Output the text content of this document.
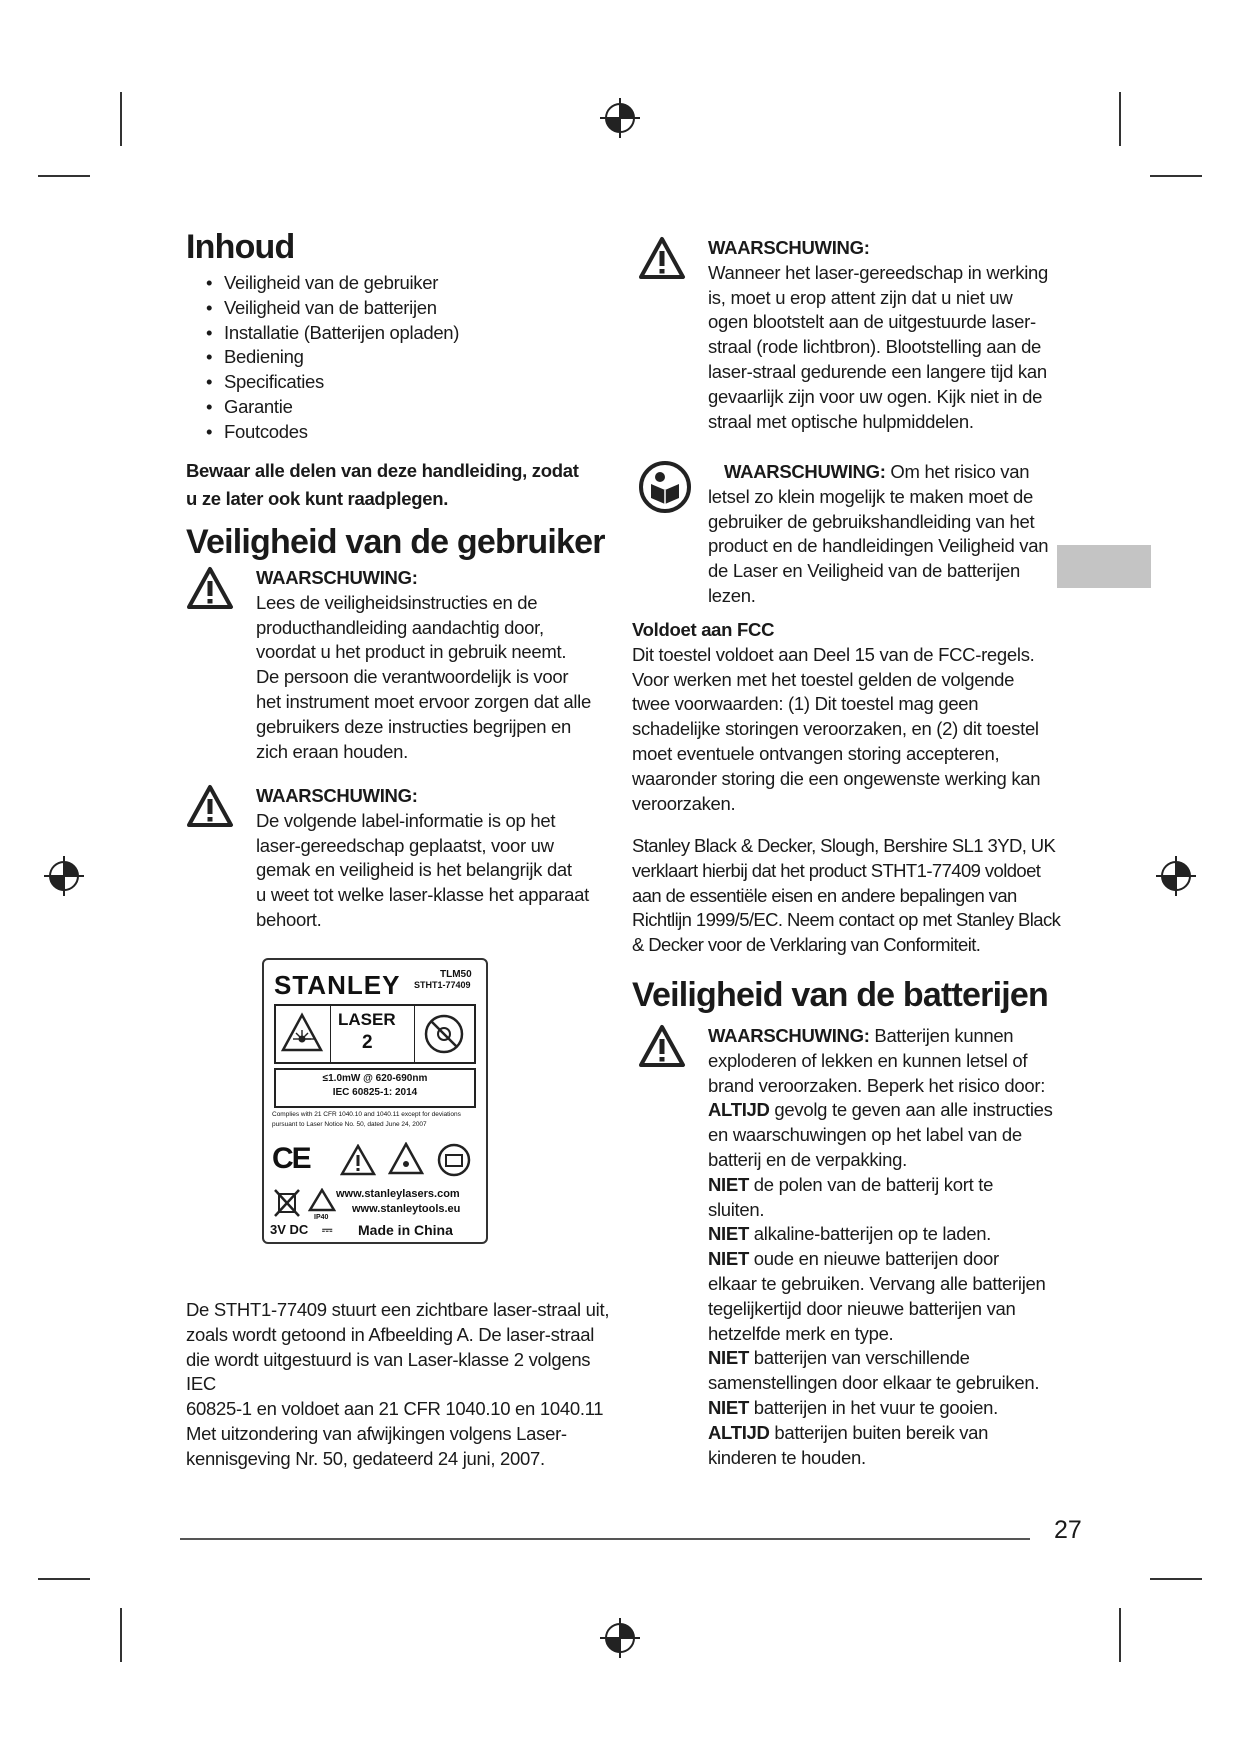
Inhoud
• Veiligheid van de gebruiker
• Veiligheid van de batterijen
• Installatie (Batterijen opladen)
• Bediening
• Specificaties
• Garantie
• Foutcodes
Bewaar alle delen van deze handleiding, zodat
u ze later ook kunt raadplegen.
Veiligheid van de gebruiker
WAARSCHUWING:
Lees de veiligheidsinstructies en de
producthandleiding aandachtig door,
voordat u het product in gebruik neemt.
De persoon die verantwoordelijk is voor
het instrument moet ervoor zorgen dat alle
gebruikers deze instructies begrijpen en
zich eraan houden.
WAARSCHUWING:
De volgende label-informatie is op het
laser-gereedschap geplaatst, voor uw
gemak en veiligheid is het belangrijk dat
u weet tot welke laser-klasse het apparaat
behoort.
STANLEY	TLM50
STHT1-77409
LASER
2
≤1.0mW @ 620-690nm
IEC 60825-1: 2014
Complies with 21 CFR 1040.10 and 1040.11 except for deviations
pursuant to Laser Notice No. 50, dated June 24, 2007
CE
www.stanleylasers.com
www.stanleytools.eu
IP40
3V DC ⎓ Made in China
De STHT1-77409 stuurt een zichtbare laser-straal uit,
zoals wordt getoond in Afbeelding A. De laser-straal
die wordt uitgestuurd is van Laser-klasse 2 volgens IEC
60825-1 en voldoet aan 21 CFR 1040.10 en 1040.11
Met uitzondering van afwijkingen volgens Laser-
kennisgeving Nr. 50, gedateerd 24 juni, 2007.
WAARSCHUWING:
Wanneer het laser-gereedschap in werking
is, moet u erop attent zijn dat u niet uw
ogen blootstelt aan de uitgestuurde laser-
straal (rode lichtbron). Blootstelling aan de
laser-straal gedurende een langere tijd kan
gevaarlijk zijn voor uw ogen. Kijk niet in de
straal met optische hulpmiddelen.
WAARSCHUWING: Om het risico van
letsel zo klein mogelijk te maken moet de
gebruiker de gebruikshandleiding van het
product en de handleidingen Veiligheid van
de Laser en Veiligheid van de batterijen
lezen.
Voldoet aan FCC
Dit toestel voldoet aan Deel 15 van de FCC-regels.
Voor werken met het toestel gelden de volgende
twee voorwaarden: (1) Dit toestel mag geen
schadelijke storingen veroorzaken, en (2) dit toestel
moet eventuele ontvangen storing accepteren,
waaronder storing die een ongewenste werking kan
veroorzaken.
Stanley Black & Decker, Slough, Bershire SL1 3YD, UK
verklaart hierbij dat het product STHT1-77409 voldoet
aan de essentiële eisen en andere bepalingen van
Richtlijn 1999/5/EC. Neem contact op met Stanley Black
& Decker voor de Verklaring van Conformiteit.
Veiligheid van de batterijen
WAARSCHUWING: Batterijen kunnen
exploderen of lekken en kunnen letsel of
brand veroorzaken. Beperk het risico door:
ALTIJD gevolg te geven aan alle instructies
en waarschuwingen op het label van de
batterij en de verpakking.
NIET de polen van de batterij kort te
sluiten.
NIET alkaline-batterijen op te laden.
NIET oude en nieuwe batterijen door
elkaar te gebruiken. Vervang alle batterijen
tegelijkertijd door nieuwe batterijen van
hetzelfde merk en type.
NIET batterijen van verschillende
samenstellingen door elkaar te gebruiken.
NIET batterijen in het vuur te gooien.
ALTIJD batterijen buiten bereik van
kinderen te houden.
27
